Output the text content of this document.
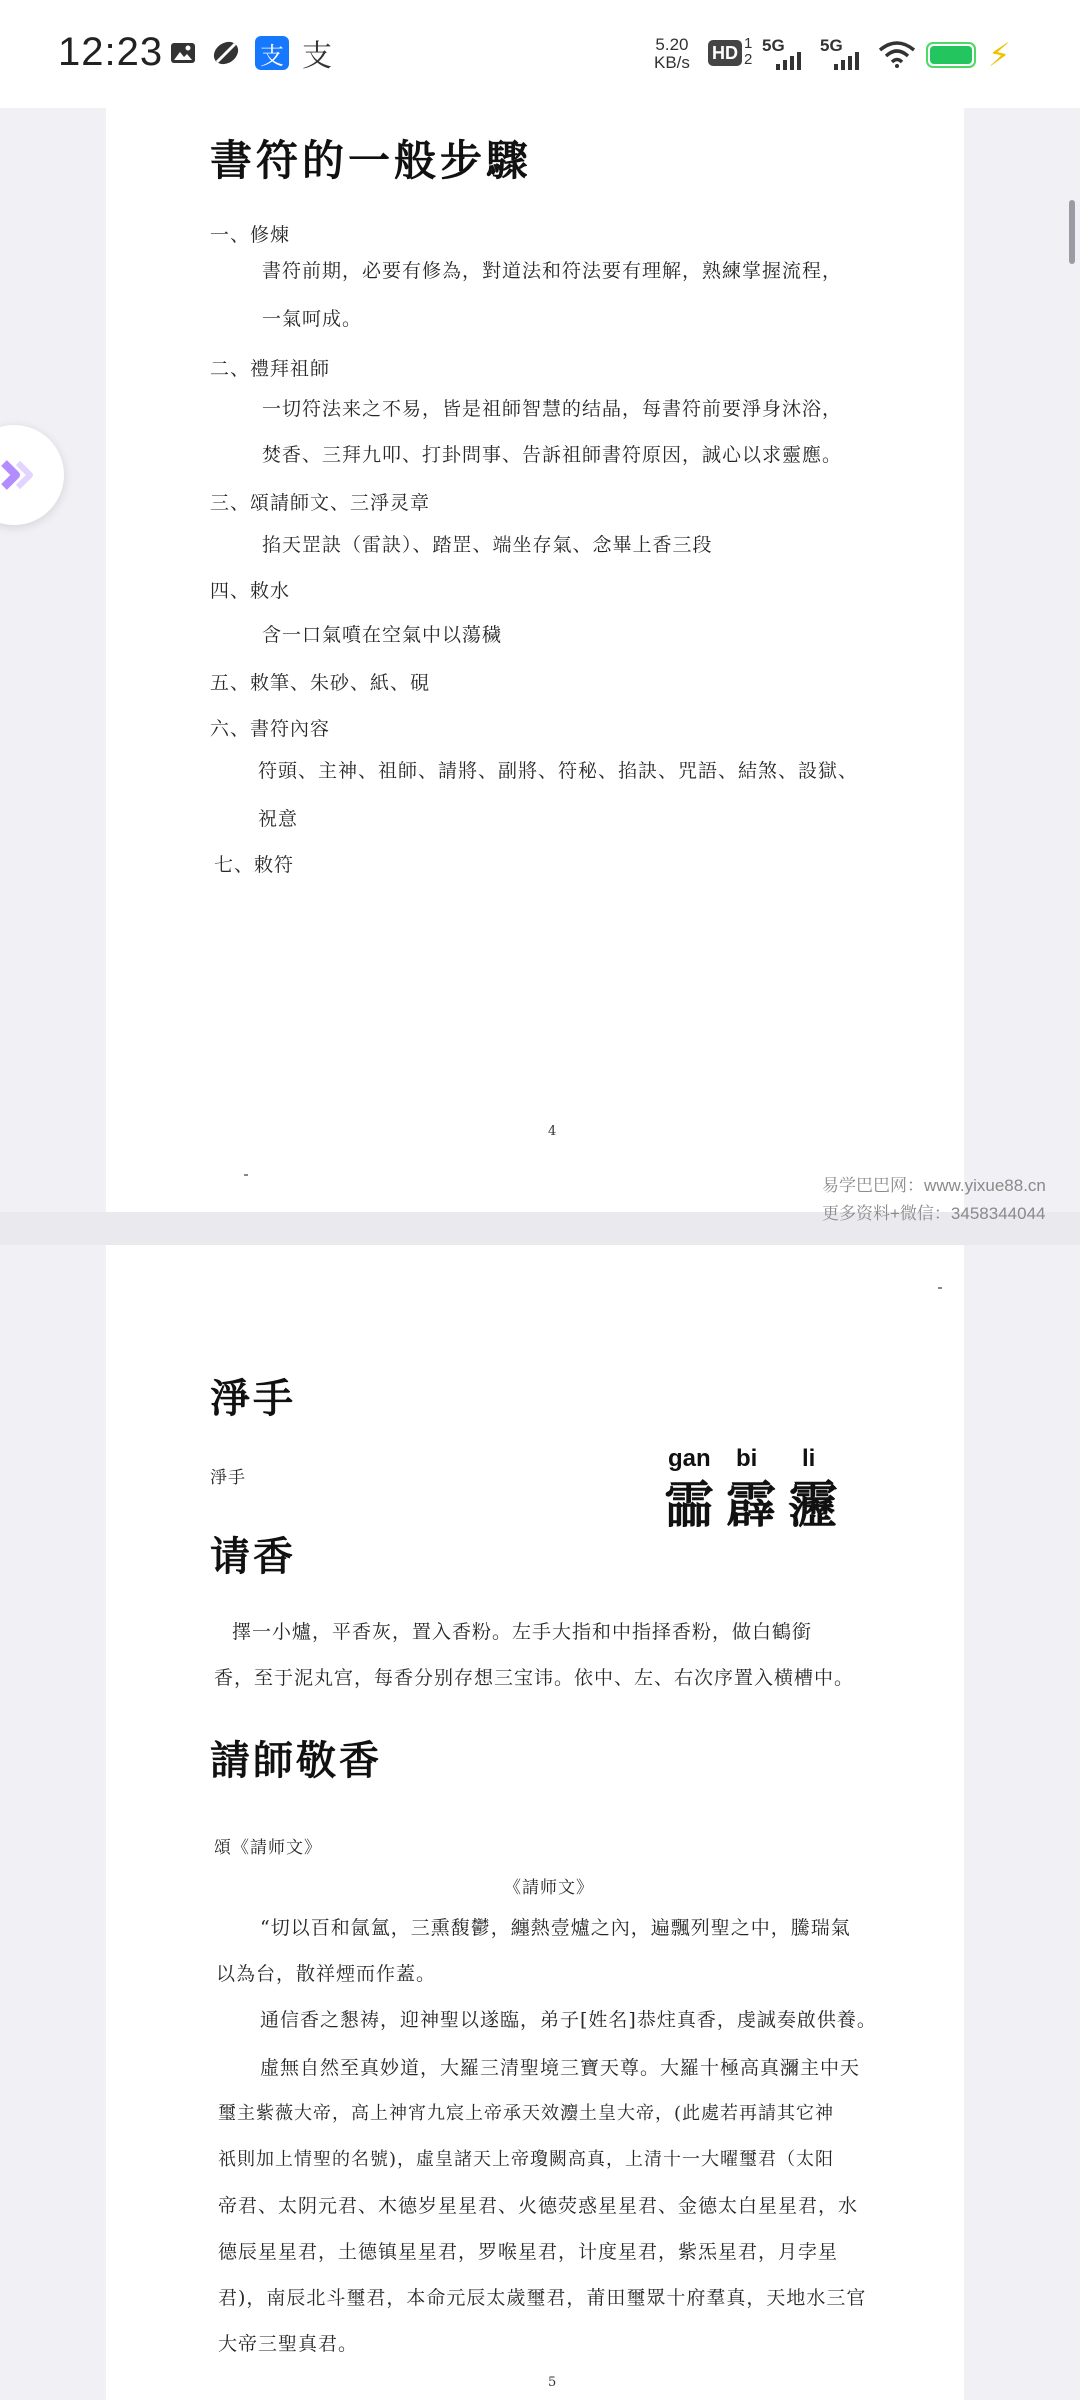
12:23	支 支	5.20
KB/s HD 1
2
5G 5G	⚡
書符的一般步驟
一、修煉
書符前期，必要有修為，對道法和符法要有理解，熟練掌握流程，
一氣呵成。
二、禮拜祖師
一切符法来之不易，皆是祖師智慧的结晶，每書符前要淨身沐浴，
焚香、三拜九叩、打卦問事、告訴祖師書符原因，誠心以求靈應。
三、頌請師文、三淨灵章
掐天罡訣（雷訣）、踏罡、端坐存氣、念畢上香三段
四、敕水
含一口氣噴在空氣中以蕩穢
五、敕筆、朱砂、紙、硯
六、書符內容
符頭、主神、祖師、請將、副將、符秘、掐訣、咒語、結煞、設獄、
祝意
七、敕符
4
淨手
淨手
gan bi li
霝 霹 靋
请香
擇一小爐，平香灰，置入香粉。左手大指和中指择香粉，做白鶴銜
香，至于泥丸宫，每香分别存想三宝讳。依中、左、右次序置入横槽中。
請師敬香
頌《請师文》
《請师文》
“切以百和氤氳，三熏馥鬱，纏熱壹爐之內，遍飄列聖之中，騰瑞氣
以為台，散祥煙而作蓋。
通信香之懇祷，迎神聖以遂臨，弟子[姓名]恭炷真香，虔誠奏啟供養。
虛無自然至真妙道，大羅三清聖境三寶天尊。大羅十極高真瀰主中天
璽主紫薇大帝，高上神宵九宸上帝承天效灋土皇大帝，(此處若再請其它神
祇則加上情聖的名號)，虛皇諸天上帝瓊闕高真，上清十一大曜璽君（太阳
帝君、太阴元君、木德岁星星君、火德荧惑星星君、金德太白星星君，水
德辰星星君，土德镇星星君，罗喉星君，计度星君，紫炁星君，月孛星
君)，南辰北斗璽君，本命元辰太歲璽君，莆田璽眾十府羣真，天地水三官
大帝三聖真君。
5
易学巴巴网：www.yixue88.cn
更多资料+微信：3458344044
